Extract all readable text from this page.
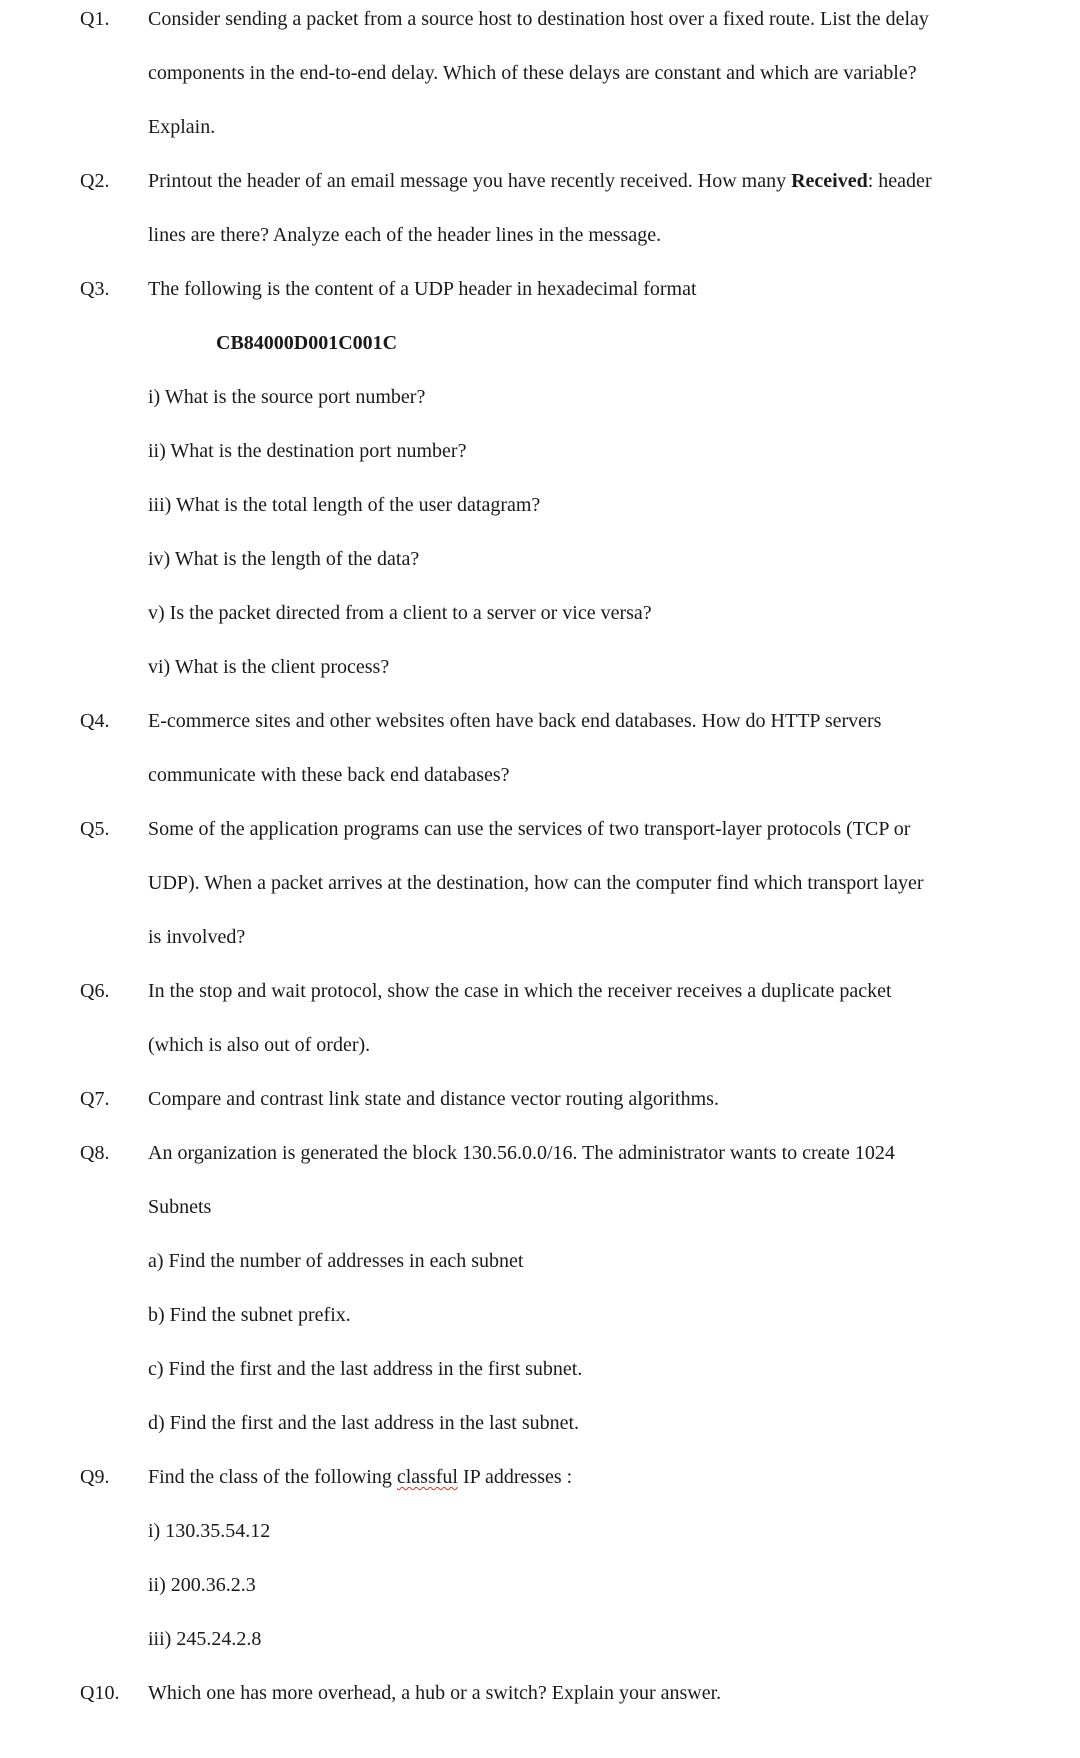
Q1. Consider sending a packet from a source host to destination host over a fixed route. List the delay
components in the end-to-end delay. Which of these delays are constant and which are variable?
Explain.
Q2. Printout the header of an email message you have recently received. How many Received: header
lines are there? Analyze each of the header lines in the message.
Q3. The following is the content of a UDP header in hexadecimal format
CB84000D001C001C
i) What is the source port number?
ii) What is the destination port number?
iii) What is the total length of the user datagram?
iv) What is the length of the data?
v) Is the packet directed from a client to a server or vice versa?
vi) What is the client process?
Q4. E-commerce sites and other websites often have back end databases. How do HTTP servers
communicate with these back end databases?
Q5. Some of the application programs can use the services of two transport-layer protocols (TCP or
UDP). When a packet arrives at the destination, how can the computer find which transport layer
is involved?
Q6. In the stop and wait protocol, show the case in which the receiver receives a duplicate packet
(which is also out of order).
Q7. Compare and contrast link state and distance vector routing algorithms.
Q8. An organization is generated the block 130.56.0.0/16. The administrator wants to create 1024
Subnets
a) Find the number of addresses in each subnet
b) Find the subnet prefix.
c) Find the first and the last address in the first subnet.
d) Find the first and the last address in the last subnet.
Q9. Find the class of the following classful IP addresses :
i) 130.35.54.12
ii) 200.36.2.3
iii) 245.24.2.8
Q10. Which one has more overhead, a hub or a switch? Explain your answer.
